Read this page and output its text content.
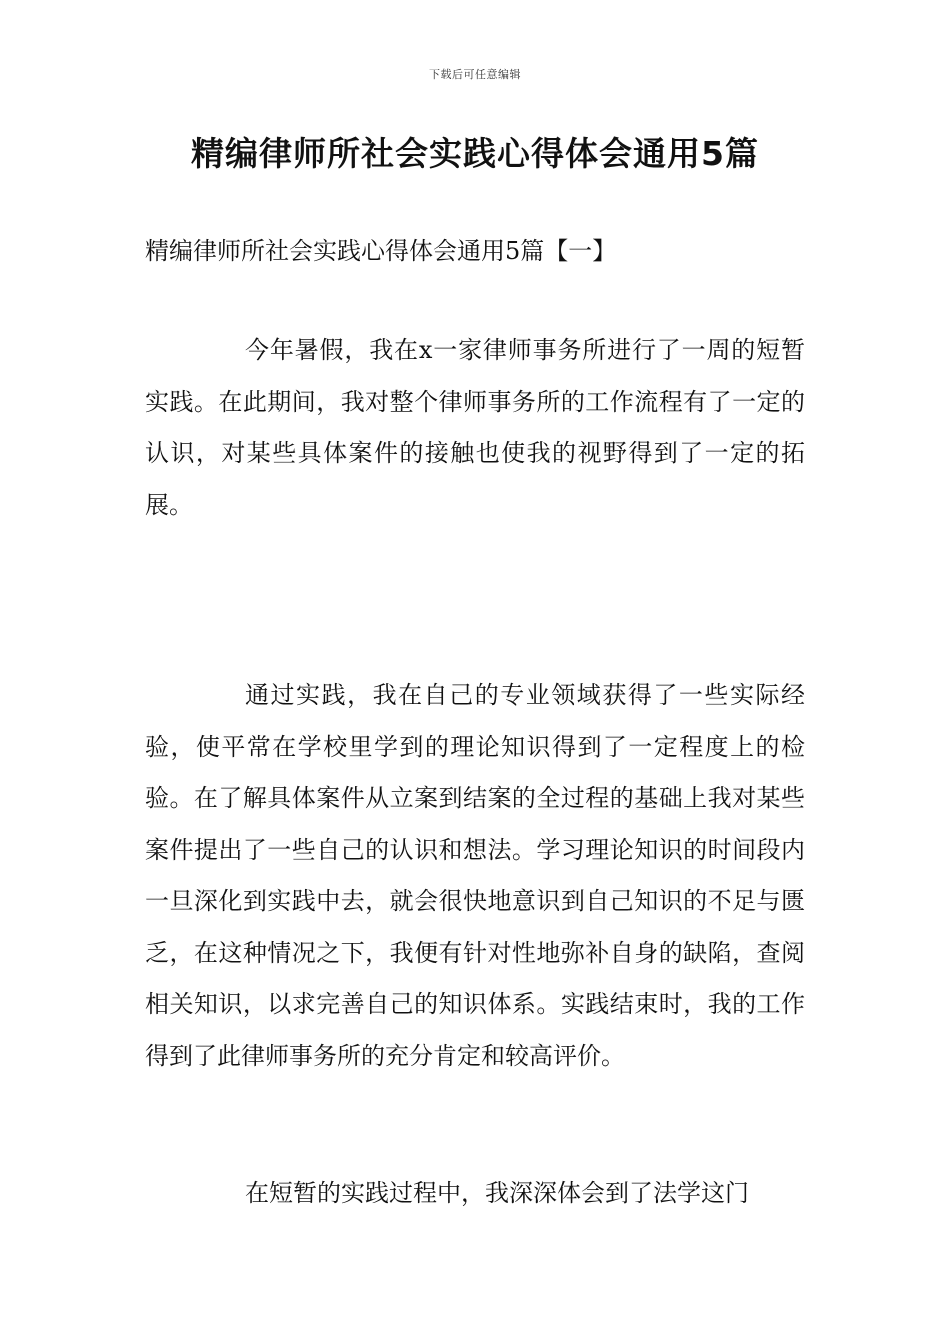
下载后可任意编辑
精编律师所社会实践心得体会通用5篇
精编律师所社会实践心得体会通用5篇【一】

今年暑假，我在x一家律师事务所进行了一周的短暂实践。在此期间，我对整个律师事务所的工作流程有了一定的认识，对某些具体案件的接触也使我的视野得到了一定的拓展。

通过实践，我在自己的专业领域获得了一些实际经验，使平常在学校里学到的理论知识得到了一定程度上的检验。在了解具体案件从立案到结案的全过程的基础上我对某些案件提出了一些自己的认识和想法。学习理论知识的时间段内一旦深化到实践中去，就会很快地意识到自己知识的不足与匮乏，在这种情况之下，我便有针对性地弥补自身的缺陷，查阅相关知识，以求完善自己的知识体系。实践结束时，我的工作得到了此律师事务所的充分肯定和较高评价。

在短暂的实践过程中，我深深体会到了法学这门
